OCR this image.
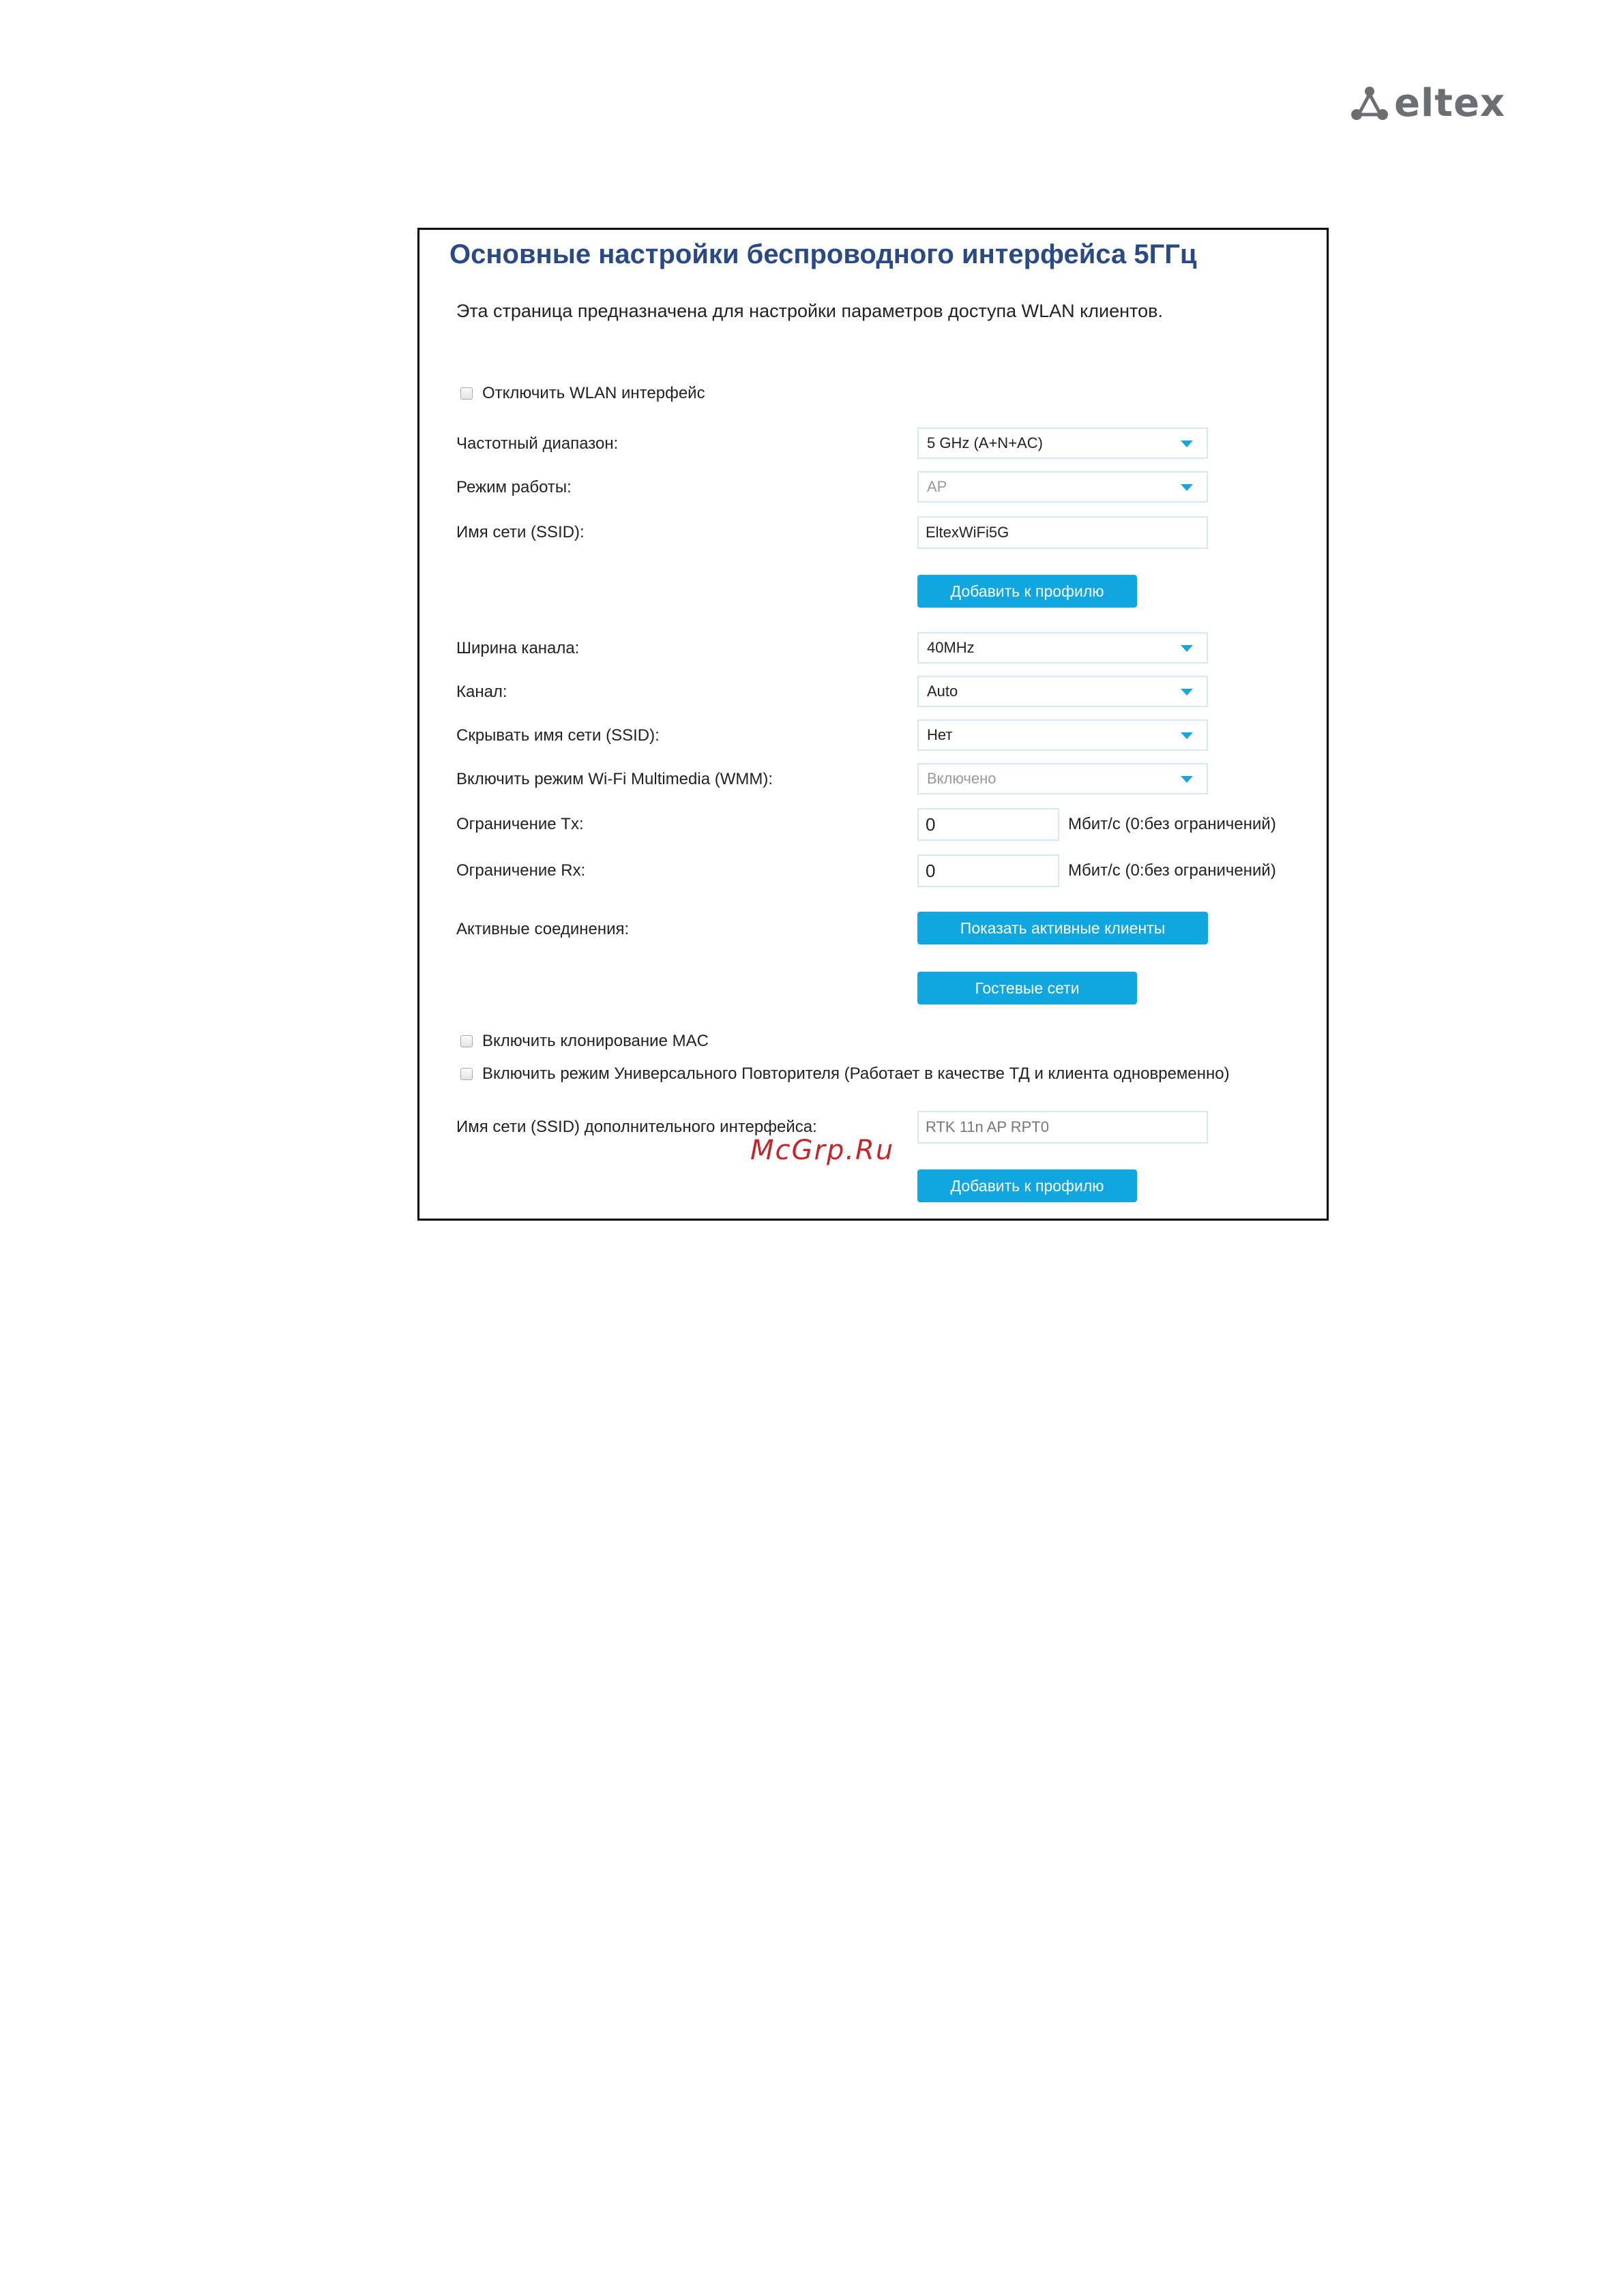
eltex
Основные настройки беспроводного интерфейса 5ГГц
Эта страница предназначена для настройки параметров доступа WLAN клиентов.
Отключить WLAN интерфейс
Частотный диапазон:	5 GHz (A+N+AC)
Режим работы:	AP
Имя сети (SSID):	EltexWiFi5G
Добавить к профилю
Ширина канала:	40MHz
Канал:	Auto
Скрывать имя сети (SSID):	Нет
Включить режим Wi-Fi Multimedia (WMM):	Включено
Ограничение Tx:	0	Мбит/с (0:без ограничений)
Ограничение Rx:	0	Мбит/с (0:без ограничений)
Активные соединения:	Показать активные клиенты
Гостевые сети
Включить клонирование MAC
Включить режим Универсального Повторителя (Работает в качестве ТД и клиента одновременно)
Имя сети (SSID) дополнительного интерфейса:	RTK 11n AP RPT0
Добавить к профилю
McGrp.Ru
